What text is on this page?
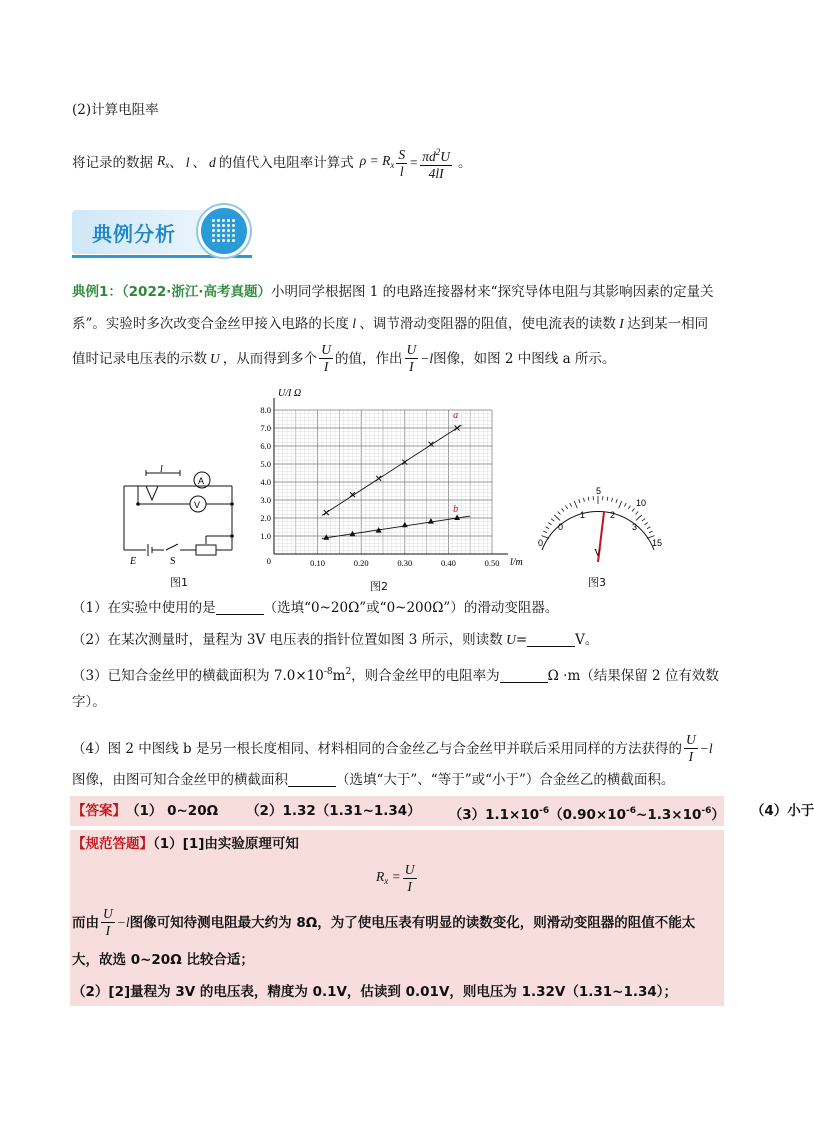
(2)计算电阻率
将记录的数据 $R_x$ 、 l 、 d 的值代入电阻率计算式 $\rho = R_x \frac{S}{l} = \frac{\pi d^2U}{4lI}$ 。
典例分析
典例1：（2022·浙江·高考真题）小明同学根据图 1 的电路连接器材来“探究导体电阻与其影响因素的定量关
系”。实验时多次改变合金丝甲接入电路的长度 l 、调节滑动变阻器的阻值，使电流表的读数 I 达到某一相同
值时记录电压表的示数 U ，从而得到多个 $\frac{U}{I}$ 的值，作出 $\frac{U}{I} -l$ 图像，如图 2 中图线 a 所示。
l
A
V
E	S
图1
1.0
2.0
3.0
4.0
5.0
6.0
7.0
8.0
0.10	0.20	0.30	0.40	0.50
0
a
b
U/I Ω
l/m
图2
0
5
10
15
0
1	2
3
V
图3
（1）在实验中使用的是	（选填“0~20Ω”或“0~200Ω”）的滑动变阻器。
（2）在某次测量时，量程为 3V 电压表的指针位置如图 3 所示，则读数 U=	V。
（3）已知合金丝甲的横截面积为 $7.0\times 10^{-8}m^2$，则合金丝甲的电阻率为	Ω ·m（结果保留 2 位有效数
字）。
（4）图 2 中图线 b 是另一根长度相同、材料相同的合金丝乙与合金丝甲并联后采用同样的方法获得的 $\frac{U}{I} -l$
图像，由图可知合金丝甲的横截面积	（选填“大于”、“等于”或“小于”）合金丝乙的横截面积。
【答案】 （1） 0~20Ω （2）1.32（1.31~1.34） $(3)1.1\times 10^{-6}(0.90\times 10^{-6}\sim 1.3\times 10^{-6})$ （4）小于
【规范答题】（1）[1]由实验原理可知
$R_x = \frac{U}{I}$
而由 $\frac{U}{I} -l$ 图像可知待测电阻最大约为 8Ω，为了使电压表有明显的读数变化，则滑动变阻器的阻值不能太
大，故选 0~20Ω 比较合适；
（2）[2]量程为 3V 的电压表，精度为 0.1V，估读到 0.01V，则电压为 1.32V（1.31~1.34）；
